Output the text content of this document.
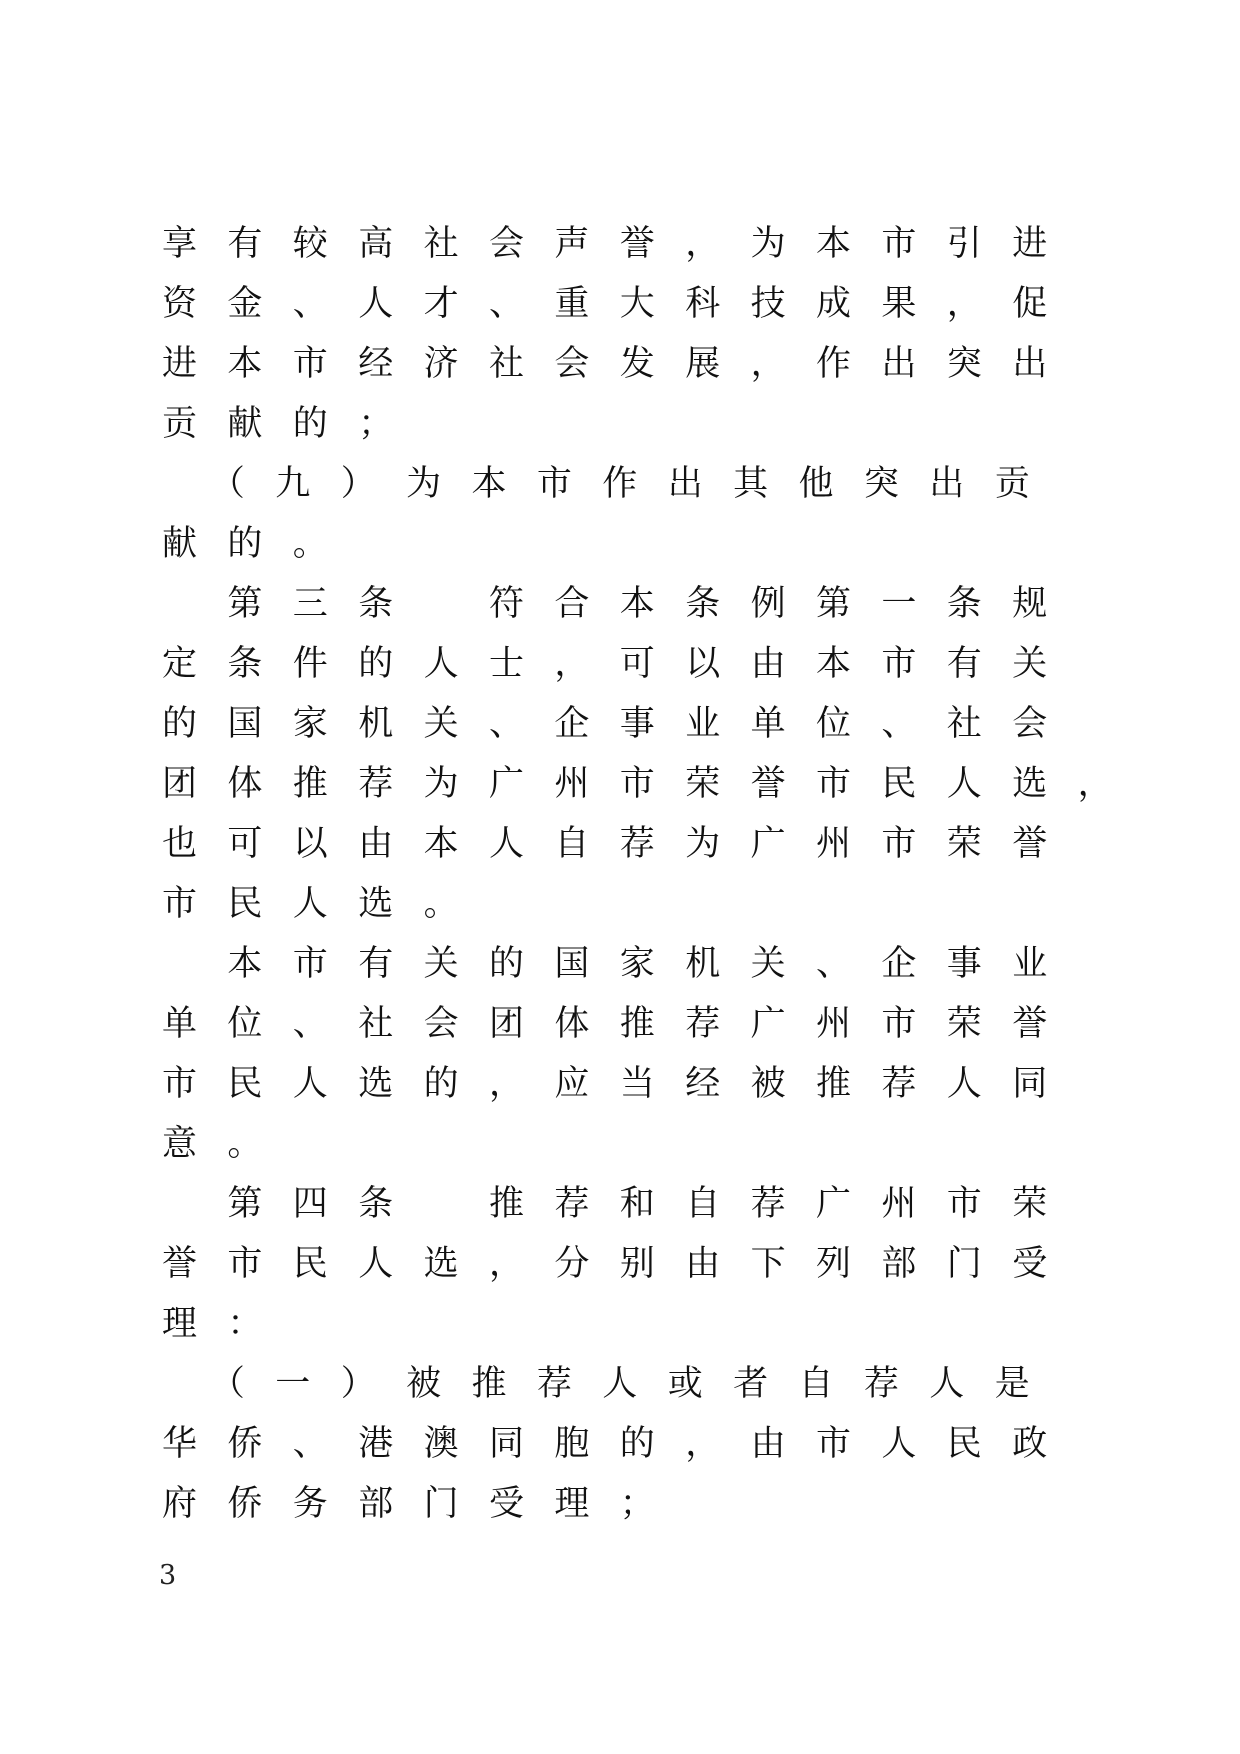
享有较高社会声誉，为本市引进

资金、人才、重大科技成果，促

进本市经济社会发展，作出突出

贡献的；

　（九）为本市作出其他突出贡

献的。

　第三条　符合本条例第一条规

定条件的人士，可以由本市有关

的国家机关、企事业单位、社会

团体推荐为广州市荣誉市民人选，

也可以由本人自荐为广州市荣誉

市民人选。

　本市有关的国家机关、企事业

单位、社会团体推荐广州市荣誉

市民人选的，应当经被推荐人同

意。

　第四条　推荐和自荐广州市荣

誉市民人选，分别由下列部门受

理：

　（一）被推荐人或者自荐人是

华侨、港澳同胞的，由市人民政

府侨务部门受理；

3
